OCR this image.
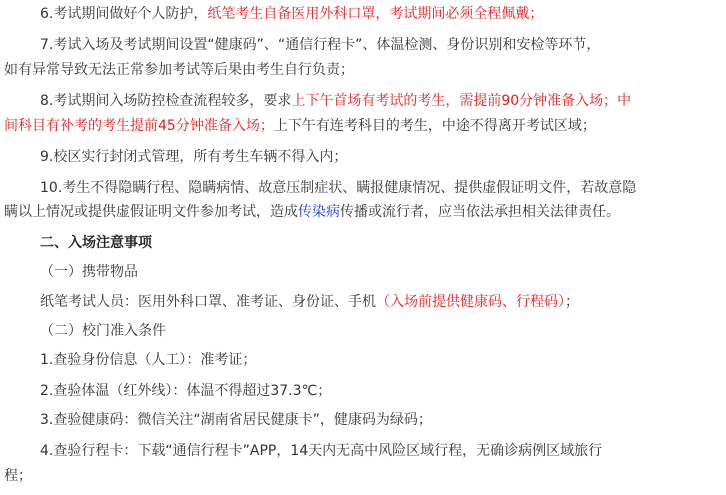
6.考试期间做好个人防护，纸笔考生自备医用外科口罩，考试期间必须全程佩戴；
7.考试入场及考试期间设置“健康码”、“通信行程卡”、体温检测、身份识别和安检等环节，
如有异常导致无法正常参加考试等后果由考生自行负责；
8.考试期间入场防控检查流程较多，要求上下午首场有考试的考生，需提前90分钟准备入场；中
间科目有补考的考生提前45分钟准备入场；上下午有连考科目的考生，中途不得离开考试区域；
9.校区实行封闭式管理，所有考生车辆不得入内；
10.考生不得隐瞒行程、隐瞒病情、故意压制症状、瞒报健康情况、提供虚假证明文件，若故意隐
瞒以上情况或提供虚假证明文件参加考试，造成传染病传播或流行者，应当依法承担相关法律责任。
二、入场注意事项
（一）携带物品
纸笔考试人员：医用外科口罩、准考证、身份证、手机（入场前提供健康码、行程码）；
（二）校门准入条件
1.查验身份信息（人工）：准考证；
2.查验体温（红外线）：体温不得超过37.3℃；
3.查验健康码：微信关注“湖南省居民健康卡”，健康码为绿码；
4.查验行程卡：下载“通信行程卡”APP，14天内无高中风险区域行程，无确诊病例区域旅行
程；
